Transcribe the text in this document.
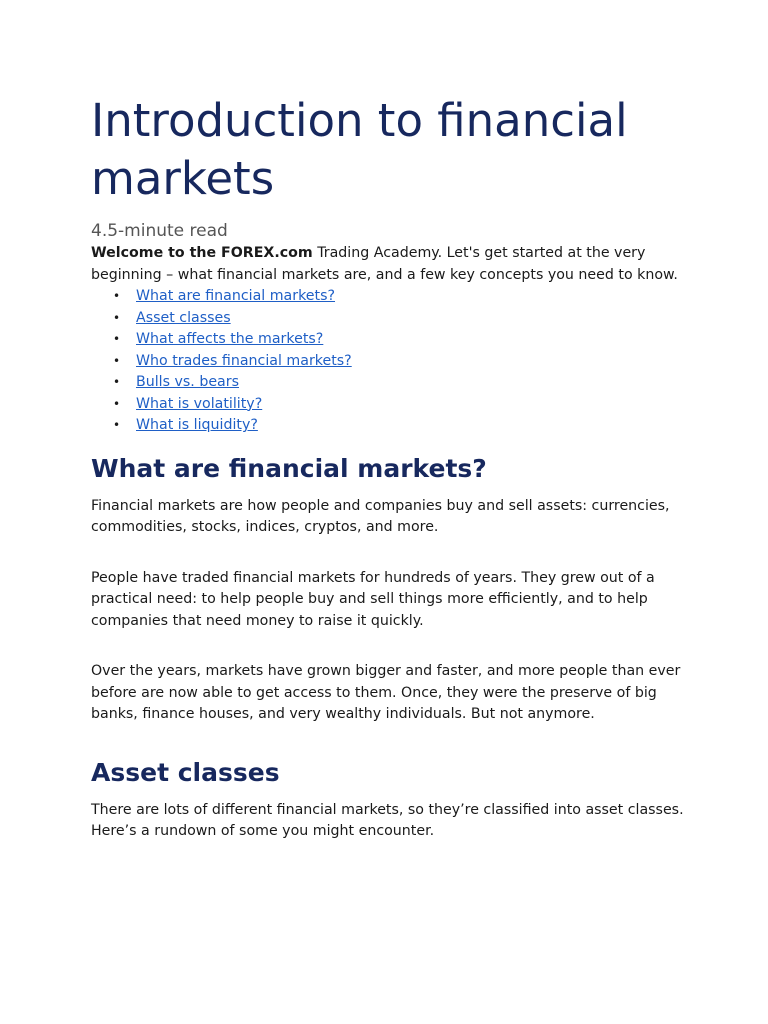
Introduction to financial markets
4.5-minute read

Welcome to the FOREX.com Trading Academy. Let's get started at the very beginning – what financial markets are, and a few key concepts you need to know.

• What are financial markets?
• Asset classes
• What affects the markets?
• Who trades financial markets?
• Bulls vs. bears
• What is volatility?
• What is liquidity?
What are financial markets?

Financial markets are how people and companies buy and sell assets: currencies, commodities, stocks, indices, cryptos, and more.

People have traded financial markets for hundreds of years. They grew out of a practical need: to help people buy and sell things more efficiently, and to help companies that need money to raise it quickly.

Over the years, markets have grown bigger and faster, and more people than ever before are now able to get access to them. Once, they were the preserve of big banks, finance houses, and very wealthy individuals. But not anymore.

Asset classes

There are lots of different financial markets, so they’re classified into asset classes. Here’s a rundown of some you might encounter.
